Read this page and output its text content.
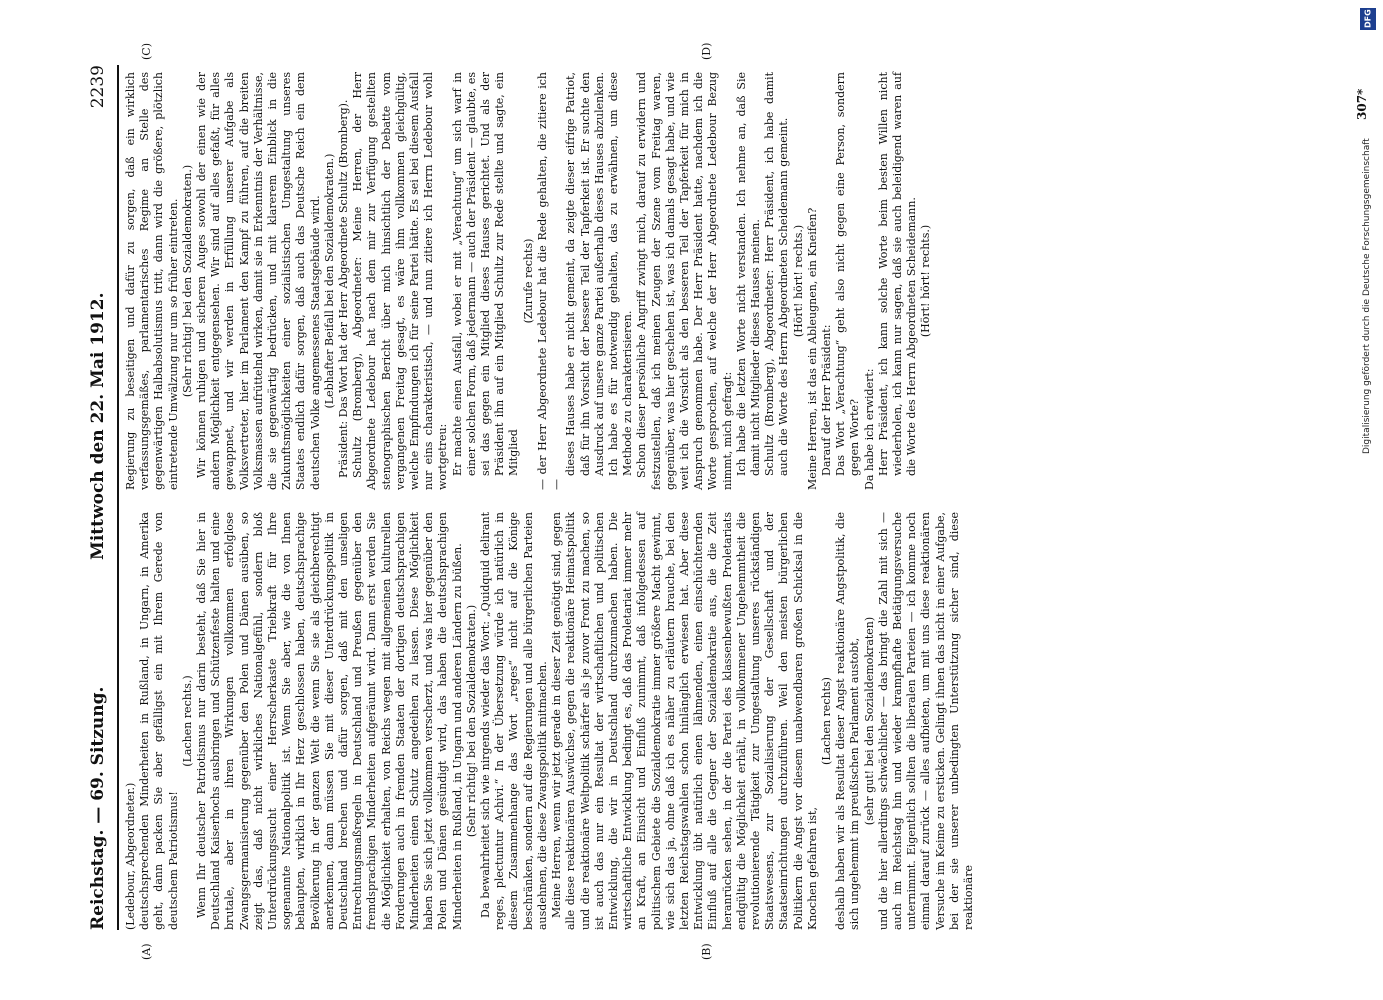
Reichstag. — 69. Sitzung.
Mittwoch den 22. Mai 1912.
2239
(A)	(B)
(C)	(D)

(Ledebour, Abgeordneter.) deutschsprechenden Minderheiten in Rußland, in Ungarn, in Amerika geht, dann packen Sie aber gefälligst ein mit Ihrem Gerede von deutschem Patriotismus!

(Lachen rechts.) Wenn Ihr deutscher Patriotismus nur darin besteht, daß Sie hier in Deutschland Kaiserhochs ausbringen und Schützenfeste halten und eine brutale, aber in ihren Wirkungen vollkommen erfolglose Zwangsgermanisierung gegenüber den Polen und Dänen ausüben, so zeigt das, daß nicht wirkliches Nationalgefühl, sondern bloß Unterdrückungssucht einer Herrscherkaste Triebkraft für Ihre sogenannte Nationalpolitik ist. Wenn Sie aber, wie die von Ihnen behaupten, wirklich in Ihr Herz geschlossen haben, deutschsprachige Bevölkerung in der ganzen Welt die wenn Sie sie als gleichberechtigt anerkennen, dann müssen Sie mit dieser Unterdrückungspolitik in Deutschland brechen und dafür sorgen, daß mit den unseligen Entrechtungsmaßregeln in Deutschland und Preußen gegenüber den fremdsprachigen Minderheiten aufgeräumt wird. Dann erst werden Sie die Möglichkeit erhalten, von Reichs wegen mit allgemeinen kulturellen Forderungen auch in fremden Staaten der dortigen deutschsprachigen Minderheiten einen Schutz angedeihen zu lassen. Diese Möglichkeit haben Sie sich jetzt vollkommen verscherzt, und was hier gegenüber den Polen und Dänen gesündigt wird, das haben die deutschsprachigen Minderheiten in Rußland, in Ungarn und anderen Ländern zu büßen. (Sehr richtig! bei den Sozialdemokraten.) Da bewahrheitet sich wie nirgends wieder das Wort: „Quidquid delirant reges, plectuntur Achivi.“ In der Übersetzung würde ich natürlich in diesem Zusammenhange das Wort „reges“ nicht auf die Könige beschränken, sondern auf die Regierungen und alle bürgerlichen Parteien ausdehnen, die diese Zwangspolitik mitmachen. Meine Herren, wenn wir jetzt gerade in dieser Zeit genötigt sind, gegen alle diese reaktionären Auswüchse, gegen die reaktionäre Heimatspolitik und die reaktionäre Weltpolitik schärfer als je zuvor Front zu machen, so ist auch das nur ein Resultat der wirtschaftlichen und politischen Entwicklung, die wir in Deutschland durchzumachen haben. Die wirtschaftliche Entwicklung bedingt es, daß das Proletariat immer mehr an Kraft, an Einsicht und Einfluß zunimmt, daß infolgedessen auf politischem Gebiete die Sozialdemokratie immer größere Macht gewinnt, wie sich das ja, ohne daß ich es näher zu erläutern brauche, bei den letzten Reichstagswahlen schon hinlänglich erwiesen hat. Aber diese Entwicklung übt natürlich einen lähmenden, einen einschüchternden Einfluß auf alle die Gegner der Sozialdemokratie aus, die die Zeit heranrücken sehen, in der die Partei des klassenbewußten Proletariats endgültig die Möglichkeit erhält, in vollkommener Ungehemmtheit die revolutionierende Tätigkeit zur Umgestaltung unseres rückständigen Staatswesens, zur Sozialisierung der Gesellschaft und der Staatseinrichtungen durchzuführen. Weil den meisten bürgerlichen Politikern die Angst vor diesem unabwendbaren großen Schicksal in die Knochen gefahren ist,

(Lachen rechts) deshalb haben wir als Resultat dieser Angst reaktionäre Angstpolitik, die sich ungehemmt im preußischen Parlament austobt, (sehr gut! bei den Sozialdemokraten) und die hier allerdings schwächlicher — das bringt die Zahl mit sich — auch im Reichstag hin und wieder krampfhafte Betätigungsversuche unternimmt. Eigentlich sollten die liberalen Parteien — ich komme noch einmal darauf zurück — alles aufbieten, um mit uns diese reaktionären Versuche im Keime zu ersticken. Gelingt ihnen das nicht in einer Aufgabe, bei der sie unserer unbedingten Unterstützung sicher sind, diese reaktionäre

Regierung zu beseitigen und dafür zu sorgen, daß ein wirklich verfassungsgemäßes, parlamentarisches Regime an Stelle des gegenwärtigen Halbabsolutismus tritt, dann wird die größere, plötzlich eintretende Umwälzung nur um so früher eintreten. (Sehr richtig! bei den Sozialdemokraten.) Wir können ruhigen und sicheren Auges sowohl der einen wie der andern Möglichkeit entgegensehen. Wir sind auf alles gefaßt, für alles gewappnet, und wir werden in Erfüllung unserer Aufgabe als Volksvertreter, hier im Parlament den Kampf zu führen, auf die breiten Volksmassen aufrüttelnd wirken, damit sie in Erkenntnis der Verhältnisse, die sie gegenwärtig bedrücken, und mit klarerem Einblick in die Zukunftsmöglichkeiten einer sozialistischen Umgestaltung unseres Staates endlich dafür sorgen, daß auch das Deutsche Reich ein dem deutschen Volke angemessenes Staatsgebäude wird. (Lebhafter Beifall bei den Sozialdemokraten.) Präsident: Das Wort hat der Herr Abgeordnete Schultz (Bromberg). Schultz (Bromberg), Abgeordneter: Meine Herren, der Herr Abgeordnete Ledebour hat nach dem mir zur Verfügung gestellten stenographischen Bericht über mich hinsichtlich der Debatte vom vergangenen Freitag gesagt, es wäre ihm vollkommen gleichgültig, welche Empfindungen ich für seine Partei hätte. Es sei bei diesem Ausfall nur eins charakteristisch, — und nun zitiere ich Herrn Ledebour wohl wortgetreu: Er machte einen Ausfall, wobei er mit „Verachtung“ um sich warf in einer solchen Form, daß jedermann — auch der Präsident — glaubte, es sei das gegen ein Mitglied dieses Hauses gerichtet. Und als der Präsident ihn auf ein Mitglied Schultz zur Rede stellte und sagte, ein Mitglied

(Zurufe rechts) — der Herr Abgeordnete Ledebour hat die Rede gehalten, die zitiere ich —

dieses Hauses habe er nicht gemeint, da zeigte dieser eifrige Patriot, daß für ihn Vorsicht der bessere Teil der Tapferkeit ist. Er suchte den Ausdruck auf unsere ganze Partei außerhalb dieses Hauses abzulenken. Ich habe es für notwendig gehalten, das zu erwähnen, um diese Methode zu charakterisieren. Schon dieser persönliche Angriff zwingt mich, darauf zu erwidern und festzustellen, daß ich meinen Zeugen der Szene vom Freitag waren, gegenüber, was hier geschehen ist, was ich damals gesagt habe, und wie weit ich die Vorsicht als den besseren Teil der Tapferkeit für mich in Anspruch genommen habe. Der Herr Präsident hatte, nachdem ich die Worte gesprochen, auf welche der Herr Abgeordnete Ledebour Bezug nimmt, mich gefragt: Ich habe die letzten Worte nicht verstanden. Ich nehme an, daß Sie damit nicht Mitglieder dieses Hauses meinen. Schultz (Bromberg), Abgeordneter: Herr Präsident, ich habe damit auch die Worte des Herrn Abgeordneten Scheidemann gemeint. (Hört! hört! rechts.) Meine Herren, ist das ein Ableugnen, ein Kneifen? Darauf der Herr Präsident: Das Wort „Verachtung“ geht also nicht gegen eine Person, sondern gegen Worte? Da habe ich erwidert: Herr Präsident, ich kann solche Worte beim besten Willen nicht wiederholen, ich kann nur sagen, daß sie auch beleidigend waren auf die Worte des Herrn Abgeordneten Scheidemann. (Hört! hört! rechts.)

307*
DFG
Digitalisierung gefördert durch die Deutsche Forschungsgemeinschaft
